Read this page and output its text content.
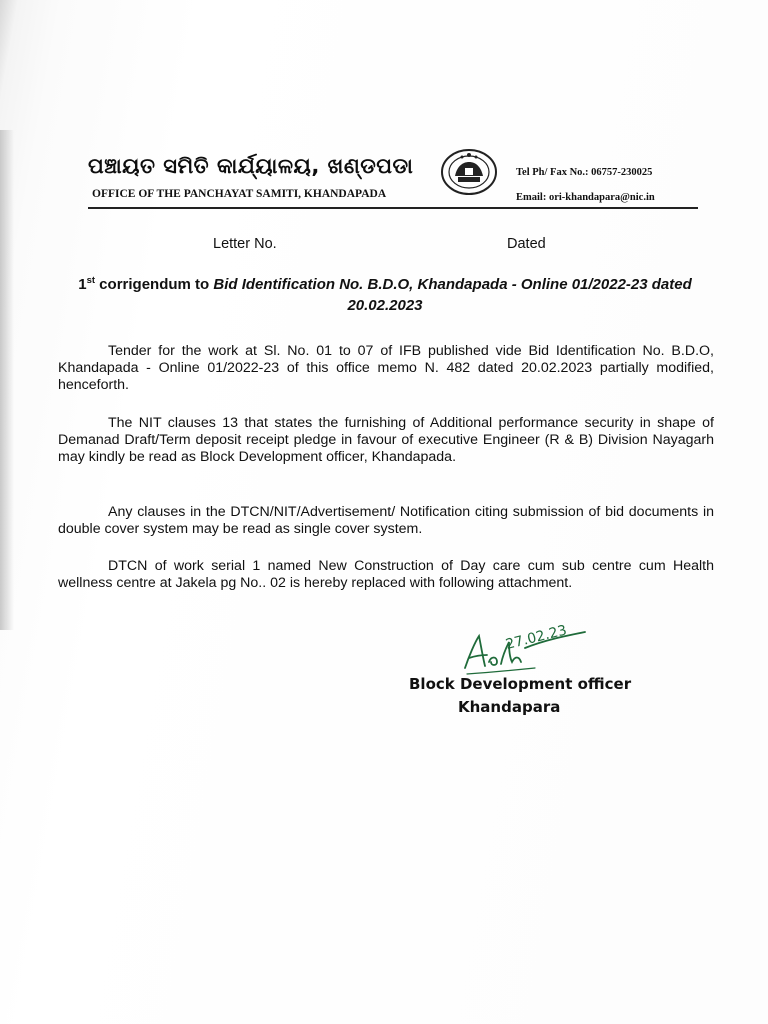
ପଞ୍ଚାୟତ ସମିତି କାର୍ଯ୍ୟାଳୟ, ଖଣ୍ଡପଡା
OFFICE OF THE PANCHAYAT SAMITI, KHANDAPADA
Tel Ph/ Fax No.: 06757-230025
Email: ori-khandapara@nic.in
Letter No.	Dated
1st corrigendum to Bid Identification No. B.D.O, Khandapada - Online 01/2022-23 dated 20.02.2023
Tender for the work at Sl. No. 01 to 07 of IFB published vide Bid Identification No. B.D.O, Khandapada - Online 01/2022-23 of this office memo N. 482 dated 20.02.2023 partially modified, henceforth.
The NIT clauses 13 that states the furnishing of Additional performance security in shape of Demanad Draft/Term deposit receipt pledge in favour of executive Engineer (R & B) Division Nayagarh may kindly be read as Block Development officer, Khandapada.
Any clauses in the DTCN/NIT/Advertisement/ Notification citing submission of bid documents in double cover system may be read as single cover system.
DTCN of work serial 1 named New Construction of Day care cum sub centre cum Health wellness centre at Jakela pg No.. 02 is hereby replaced with following attachment.
27.02.23
Block Development officer
Khandapara
